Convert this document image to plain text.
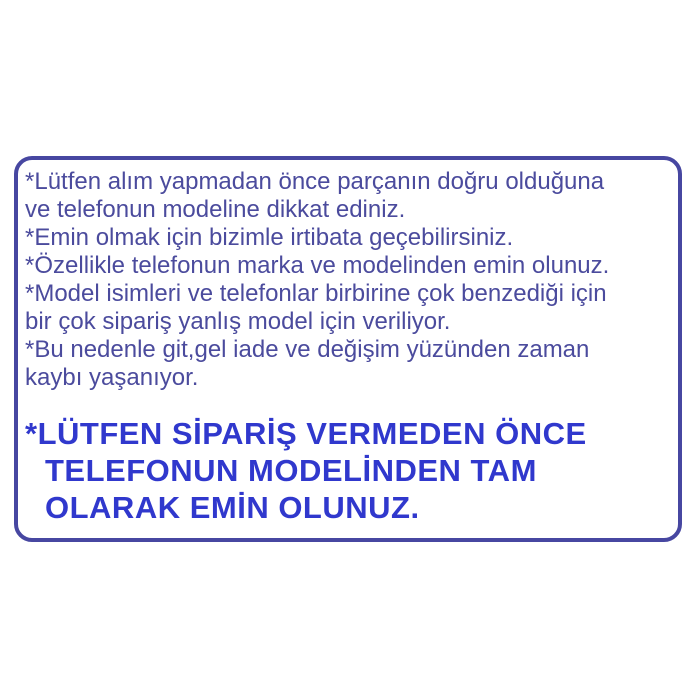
*Lütfen alım yapmadan önce parçanın doğru olduğuna
ve telefonun modeline dikkat ediniz.
*Emin olmak için bizimle irtibata geçebilirsiniz.
*Özellikle telefonun marka ve modelinden emin olunuz.
*Model isimleri ve telefonlar birbirine çok benzediği için
bir çok sipariş yanlış model için veriliyor.
*Bu nedenle git,gel iade ve değişim yüzünden zaman
kaybı yaşanıyor.
*LÜTFEN SİPARİŞ VERMEDEN ÖNCE
TELEFONUN MODELİNDEN TAM
OLARAK EMİN OLUNUZ.
